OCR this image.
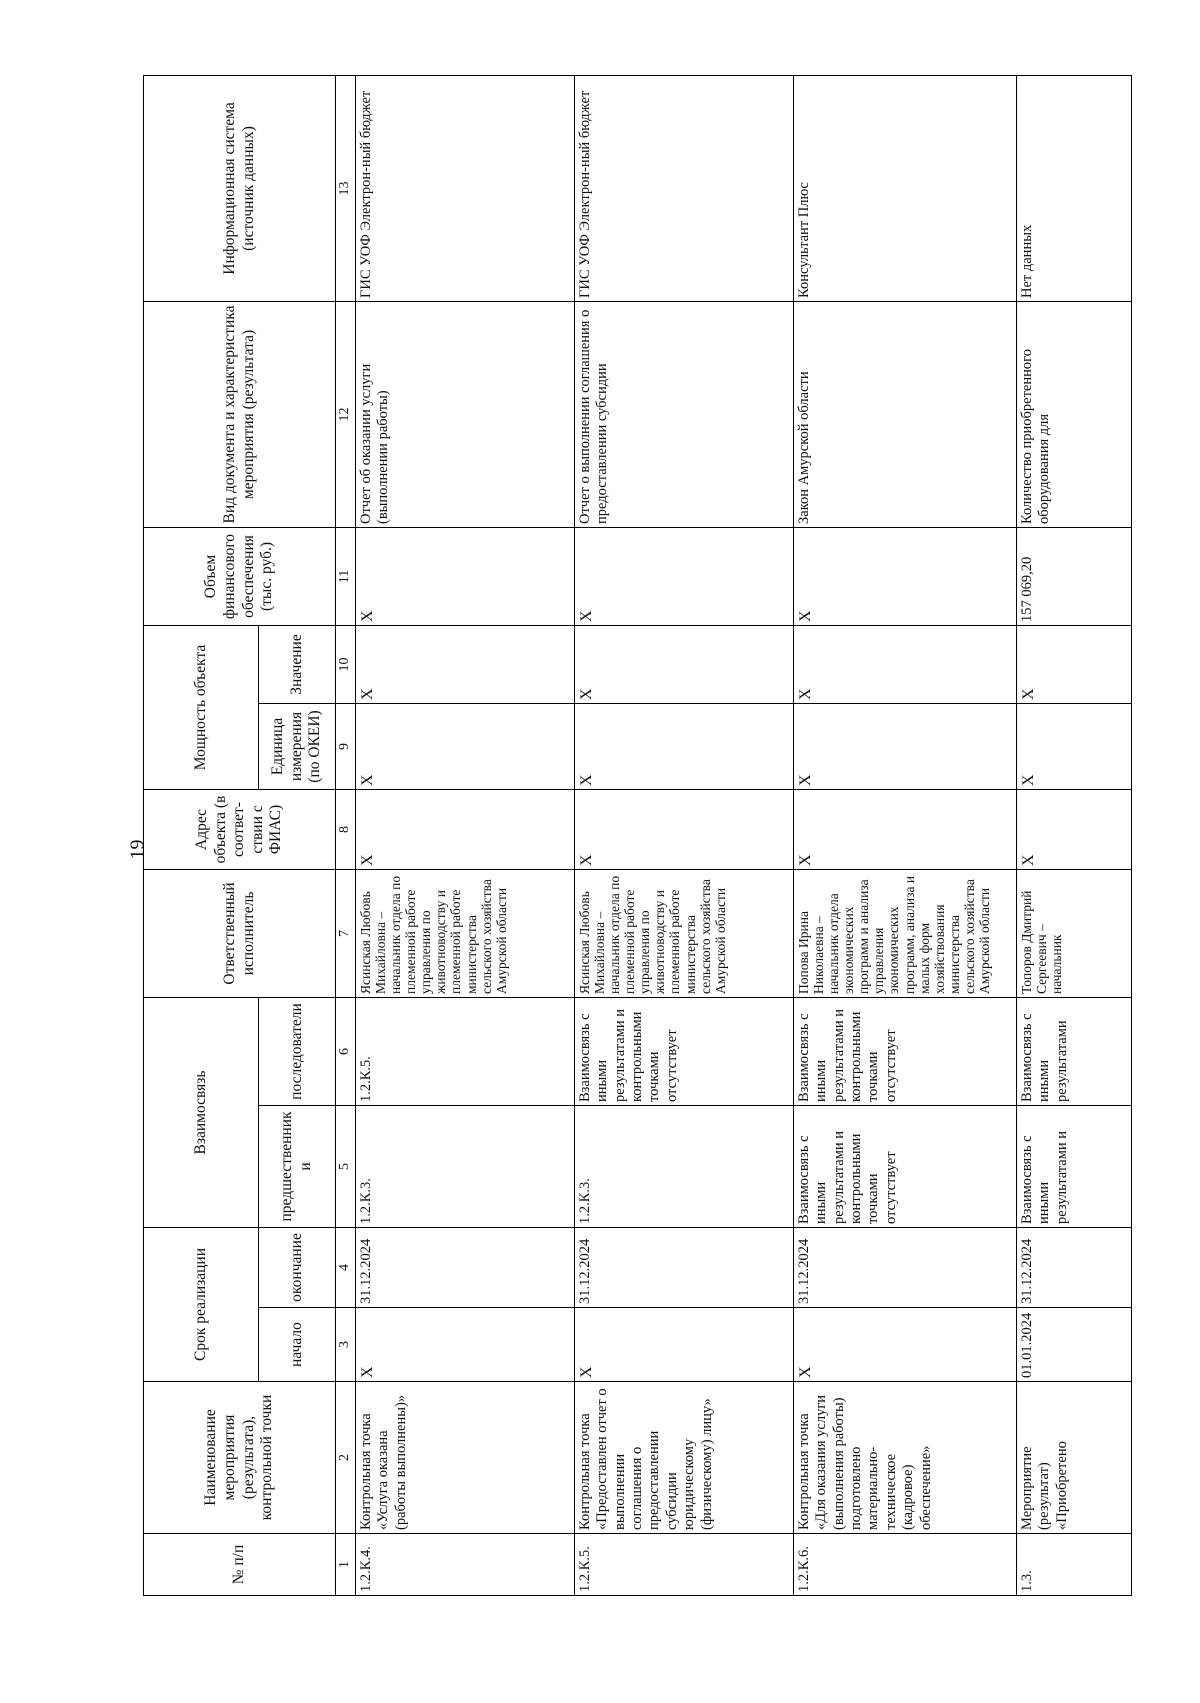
19
№ п/п	Наименование мероприятия (результата), контрольной точки	Срок реализации		Взаимосвязь		Ответственный исполнитель	Адрес объекта (в соответ-ствии с ФИАС)	Мощность объекта		Объем финансового обеспечения (тыс. руб.)	Вид документа и характеристика мероприятия (результата)	Информационная система (источник данных)
		начало	окончание	предшественники	последователи			Единица измерения (по ОКЕИ)	Значение			
1	2	3	4	5	6	7	8	9	10	11	12	13
1.2.К.4.	Контрольная точка «Услуга оказана (работы выполнены)»	X	31.12.2024	1.2.К.3.	1.2.К.5.	Ясинская Любовь Михайловна – начальник отдела по племенной работе управления по животноводству и племенной работе министерства сельского хозяйства Амурской области	X	X	X	X	Отчет об оказании услуги (выполнении работы)	ГИС УОФ Электрон-ный бюджет
1.2.К.5.	Контрольная точка «Предоставлен отчет о выполнении соглашения о предоставлении субсидии юридическому (физическому) лицу»	X	31.12.2024	1.2.К.3.	Взаимосвязь с иными результатами и контрольными точками отсутствует	Ясинская Любовь Михайловна – начальник отдела по племенной работе управления по животноводству и племенной работе министерства сельского хозяйства Амурской области	X	X	X	X	Отчет о выполнении соглашения о предоставлении субсидии	ГИС УОФ Электрон-ный бюджет
1.2.К.6.	Контрольная точка «Для оказания услуги (выполнения работы) подготовлено материально-техническое (кадровое) обеспечение»	X	31.12.2024	Взаимосвязь с иными результатами и контрольными точками отсутствует	Взаимосвязь с иными результатами и контрольными точками отсутствует	Попова Ирина Николаевна – начальник отдела экономических программ и анализа управления экономических программ, анализа и малых форм хозяйствования министерства сельского хозяйства Амурской области	X	X	X	X	Закон Амурской области	Консультант Плюс
1.3.	Мероприятие (результат) «Приобретено	01.01.2024	31.12.2024	Взаимосвязь с иными результатами и	Взаимосвязь с иными результатами	Топоров Дмитрий Сергеевич – начальник	X	X	X	157 069,20	Количество приобретенного оборудования для	Нет данных
